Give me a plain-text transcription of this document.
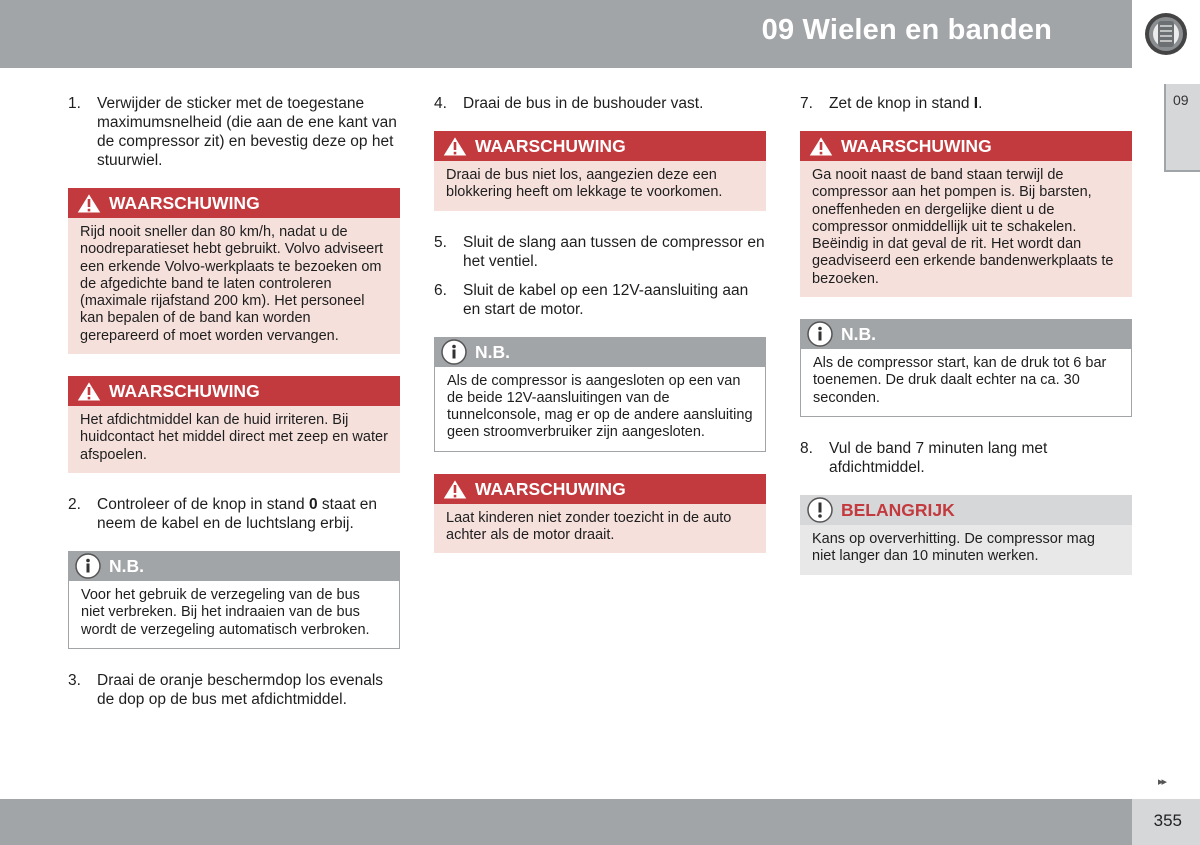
09 Wielen en banden
09
1. Verwijder de sticker met de toegestane maximumsnelheid (die aan de ene kant van de compressor zit) en bevestig deze op het stuurwiel.
WAARSCHUWING
Rijd nooit sneller dan 80 km/h, nadat u de noodreparatieset hebt gebruikt. Volvo adviseert een erkende Volvo-werkplaats te bezoeken om de afgedichte band te laten controleren (maximale rijafstand 200 km). Het personeel kan bepalen of de band kan worden gerepareerd of moet worden vervangen.
WAARSCHUWING
Het afdichtmiddel kan de huid irriteren. Bij huidcontact het middel direct met zeep en water afspoelen.
2. Controleer of de knop in stand 0 staat en neem de kabel en de luchtslang erbij.
N.B.
Voor het gebruik de verzegeling van de bus niet verbreken. Bij het indraaien van de bus wordt de verzegeling automatisch verbroken.
3. Draai de oranje beschermdop los evenals de dop op de bus met afdichtmiddel.
4. Draai de bus in de bushouder vast.
WAARSCHUWING
Draai de bus niet los, aangezien deze een blokkering heeft om lekkage te voorkomen.
5. Sluit de slang aan tussen de compressor en het ventiel.
6. Sluit de kabel op een 12V-aansluiting aan en start de motor.
N.B.
Als de compressor is aangesloten op een van de beide 12V-aansluitingen van de tunnelconsole, mag er op de andere aansluiting geen stroomverbruiker zijn aangesloten.
WAARSCHUWING
Laat kinderen niet zonder toezicht in de auto achter als de motor draait.
7. Zet de knop in stand I.
WAARSCHUWING
Ga nooit naast de band staan terwijl de compressor aan het pompen is. Bij barsten, oneffenheden en dergelijke dient u de compressor onmiddellijk uit te schakelen. Beëindig in dat geval de rit. Het wordt dan geadviseerd een erkende bandenwerkplaats te bezoeken.
N.B.
Als de compressor start, kan de druk tot 6 bar toenemen. De druk daalt echter na ca. 30 seconden.
8. Vul de band 7 minuten lang met afdichtmiddel.
BELANGRIJK
Kans op oververhitting. De compressor mag niet langer dan 10 minuten werken.
▸▸
355
